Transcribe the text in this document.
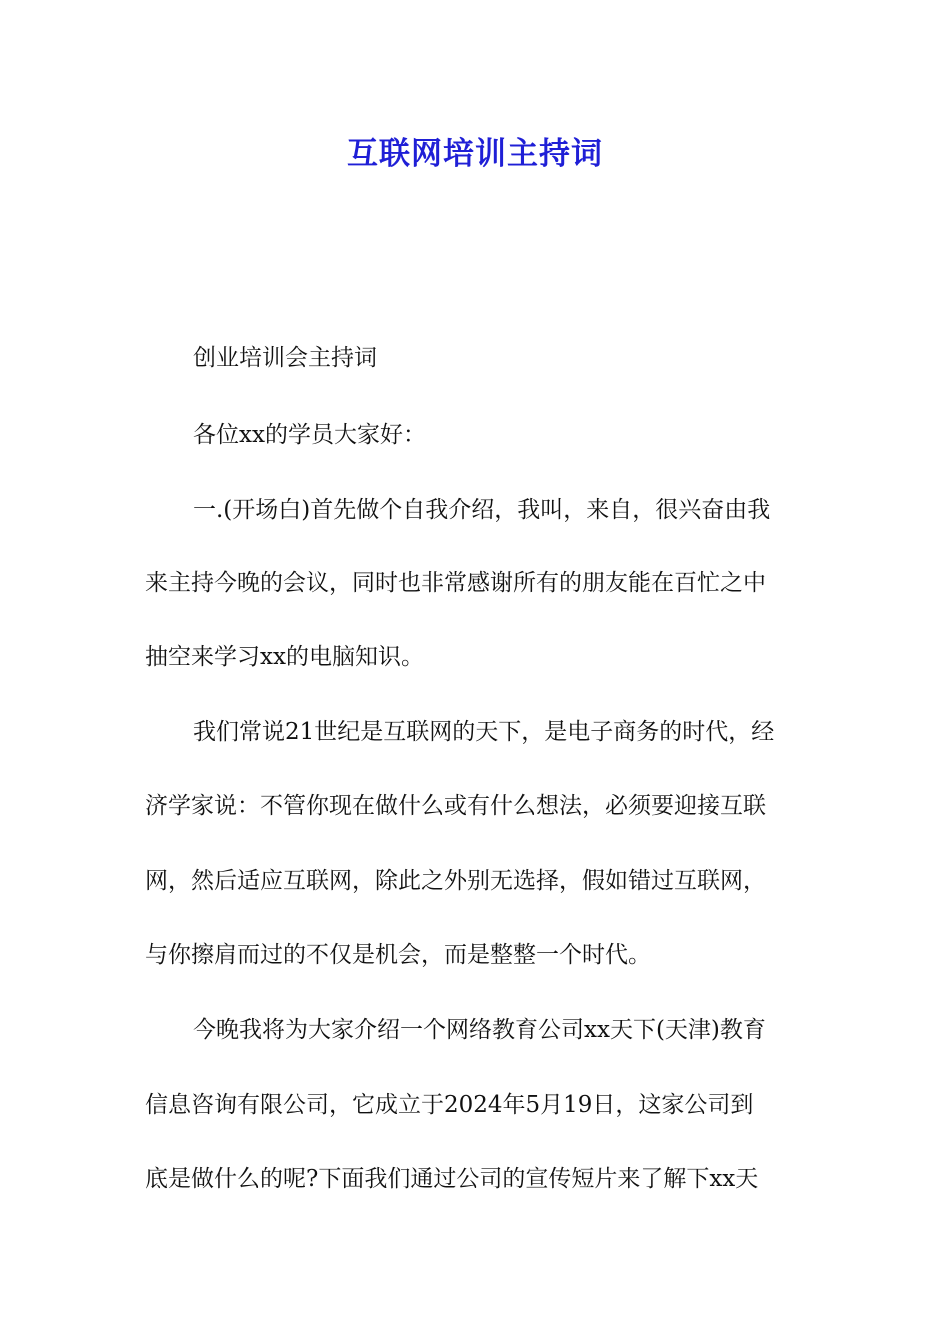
互联网培训主持词
创业培训会主持词
各位xx的学员大家好：
一.(开场白)首先做个自我介绍，我叫，来自，很兴奋由我
来主持今晚的会议，同时也非常感谢所有的朋友能在百忙之中
抽空来学习xx的电脑知识。
我们常说21世纪是互联网的天下，是电子商务的时代，经
济学家说：不管你现在做什么或有什么想法，必须要迎接互联
网，然后适应互联网，除此之外别无选择，假如错过互联网，
与你擦肩而过的不仅是机会，而是整整一个时代。
今晚我将为大家介绍一个网络教育公司xx天下(天津)教育
信息咨询有限公司，它成立于2024年5月19日，这家公司到
底是做什么的呢?下面我们通过公司的宣传短片来了解下xx天
